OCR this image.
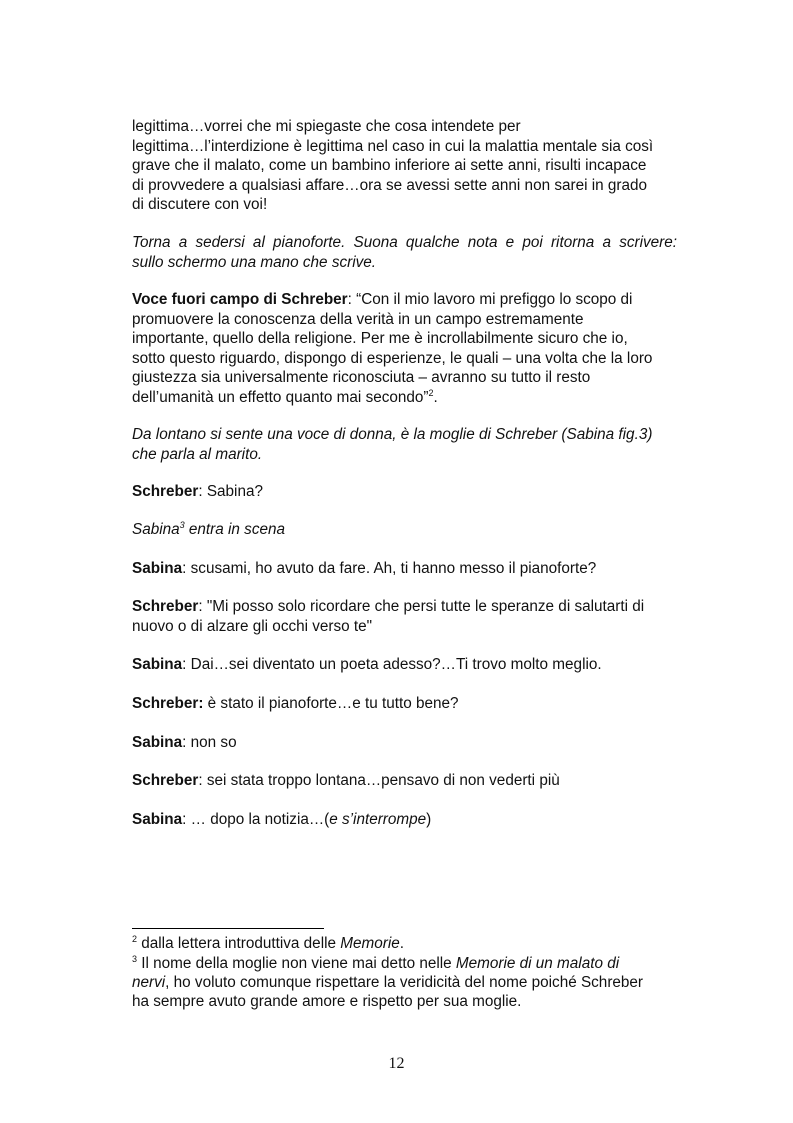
legittima…vorrei che mi spiegaste che cosa intendete per
legittima…l’interdizione è legittima nel caso in cui la malattia mentale sia così
grave che il malato, come un bambino inferiore ai sette anni, risulti incapace
di provvedere a qualsiasi affare…ora se avessi sette anni non sarei in grado
di discutere con voi!
Torna a sedersi al pianoforte. Suona qualche nota e poi ritorna a scrivere:
sullo schermo una mano che scrive.
Voce fuori campo di Schreber: “Con il mio lavoro mi prefiggo lo scopo di
promuovere la conoscenza della verità in un campo estremamente
importante, quello della religione. Per me è incrollabilmente sicuro che io,
sotto questo riguardo, dispongo di esperienze, le quali – una volta che la loro
giustezza sia universalmente riconosciuta – avranno su tutto il resto
dell’umanità un effetto quanto mai secondo”$^2$.
Da lontano si sente una voce di donna, è la moglie di Schreber (Sabina fig.3)
che parla al marito.
Schreber: Sabina?
Sabina$^3$ entra in scena
Sabina: scusami, ho avuto da fare. Ah, ti hanno messo il pianoforte?
Schreber: "Mi posso solo ricordare che persi tutte le speranze di salutarti di
nuovo o di alzare gli occhi verso te"
Sabina: Dai…sei diventato un poeta adesso?…Ti trovo molto meglio.
Schreber: è stato il pianoforte…e tu tutto bene?
Sabina: non so
Schreber: sei stata troppo lontana…pensavo di non vederti più
Sabina: … dopo la notizia…(e s’interrompe)
$^2$ dalla lettera introduttiva delle Memorie.
$^3$ Il nome della moglie non viene mai detto nelle Memorie di un malato di
nervi, ho voluto comunque rispettare la veridicità del nome poiché Schreber
ha sempre avuto grande amore e rispetto per sua moglie.
12
